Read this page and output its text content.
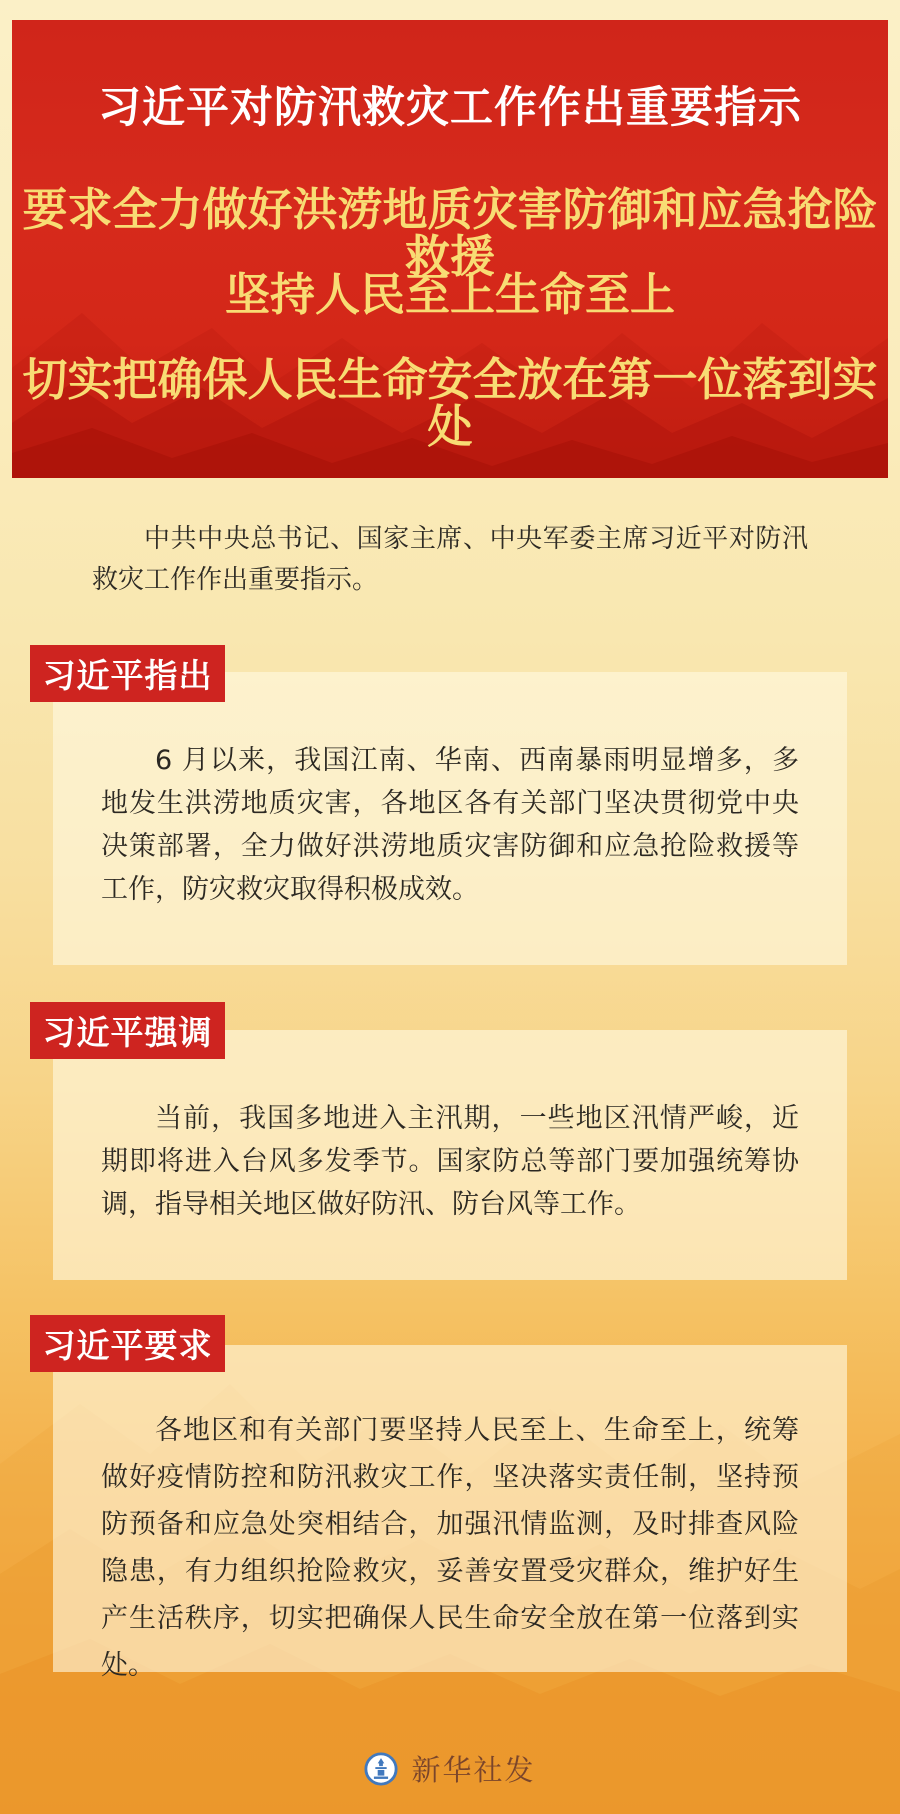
习近平对防汛救灾工作作出重要指示
要求全力做好洪涝地质灾害防御和应急抢险救援
坚持人民至上生命至上
切实把确保人民生命安全放在第一位落到实处
中共中央总书记、国家主席、中央军委主席习近平对防汛救灾工作作出重要指示。
习近平指出
6 月以来，我国江南、华南、西南暴雨明显增多，多地发生洪涝地质灾害，各地区各有关部门坚决贯彻党中央决策部署，全力做好洪涝地质灾害防御和应急抢险救援等工作，防灾救灾取得积极成效。
习近平强调
当前，我国多地进入主汛期，一些地区汛情严峻，近期即将进入台风多发季节。国家防总等部门要加强统筹协调，指导相关地区做好防汛、防台风等工作。
习近平要求
各地区和有关部门要坚持人民至上、生命至上，统筹做好疫情防控和防汛救灾工作，坚决落实责任制，坚持预防预备和应急处突相结合，加强汛情监测，及时排查风险隐患，有力组织抢险救灾，妥善安置受灾群众，维护好生产生活秩序，切实把确保人民生命安全放在第一位落到实处。
新华社发
